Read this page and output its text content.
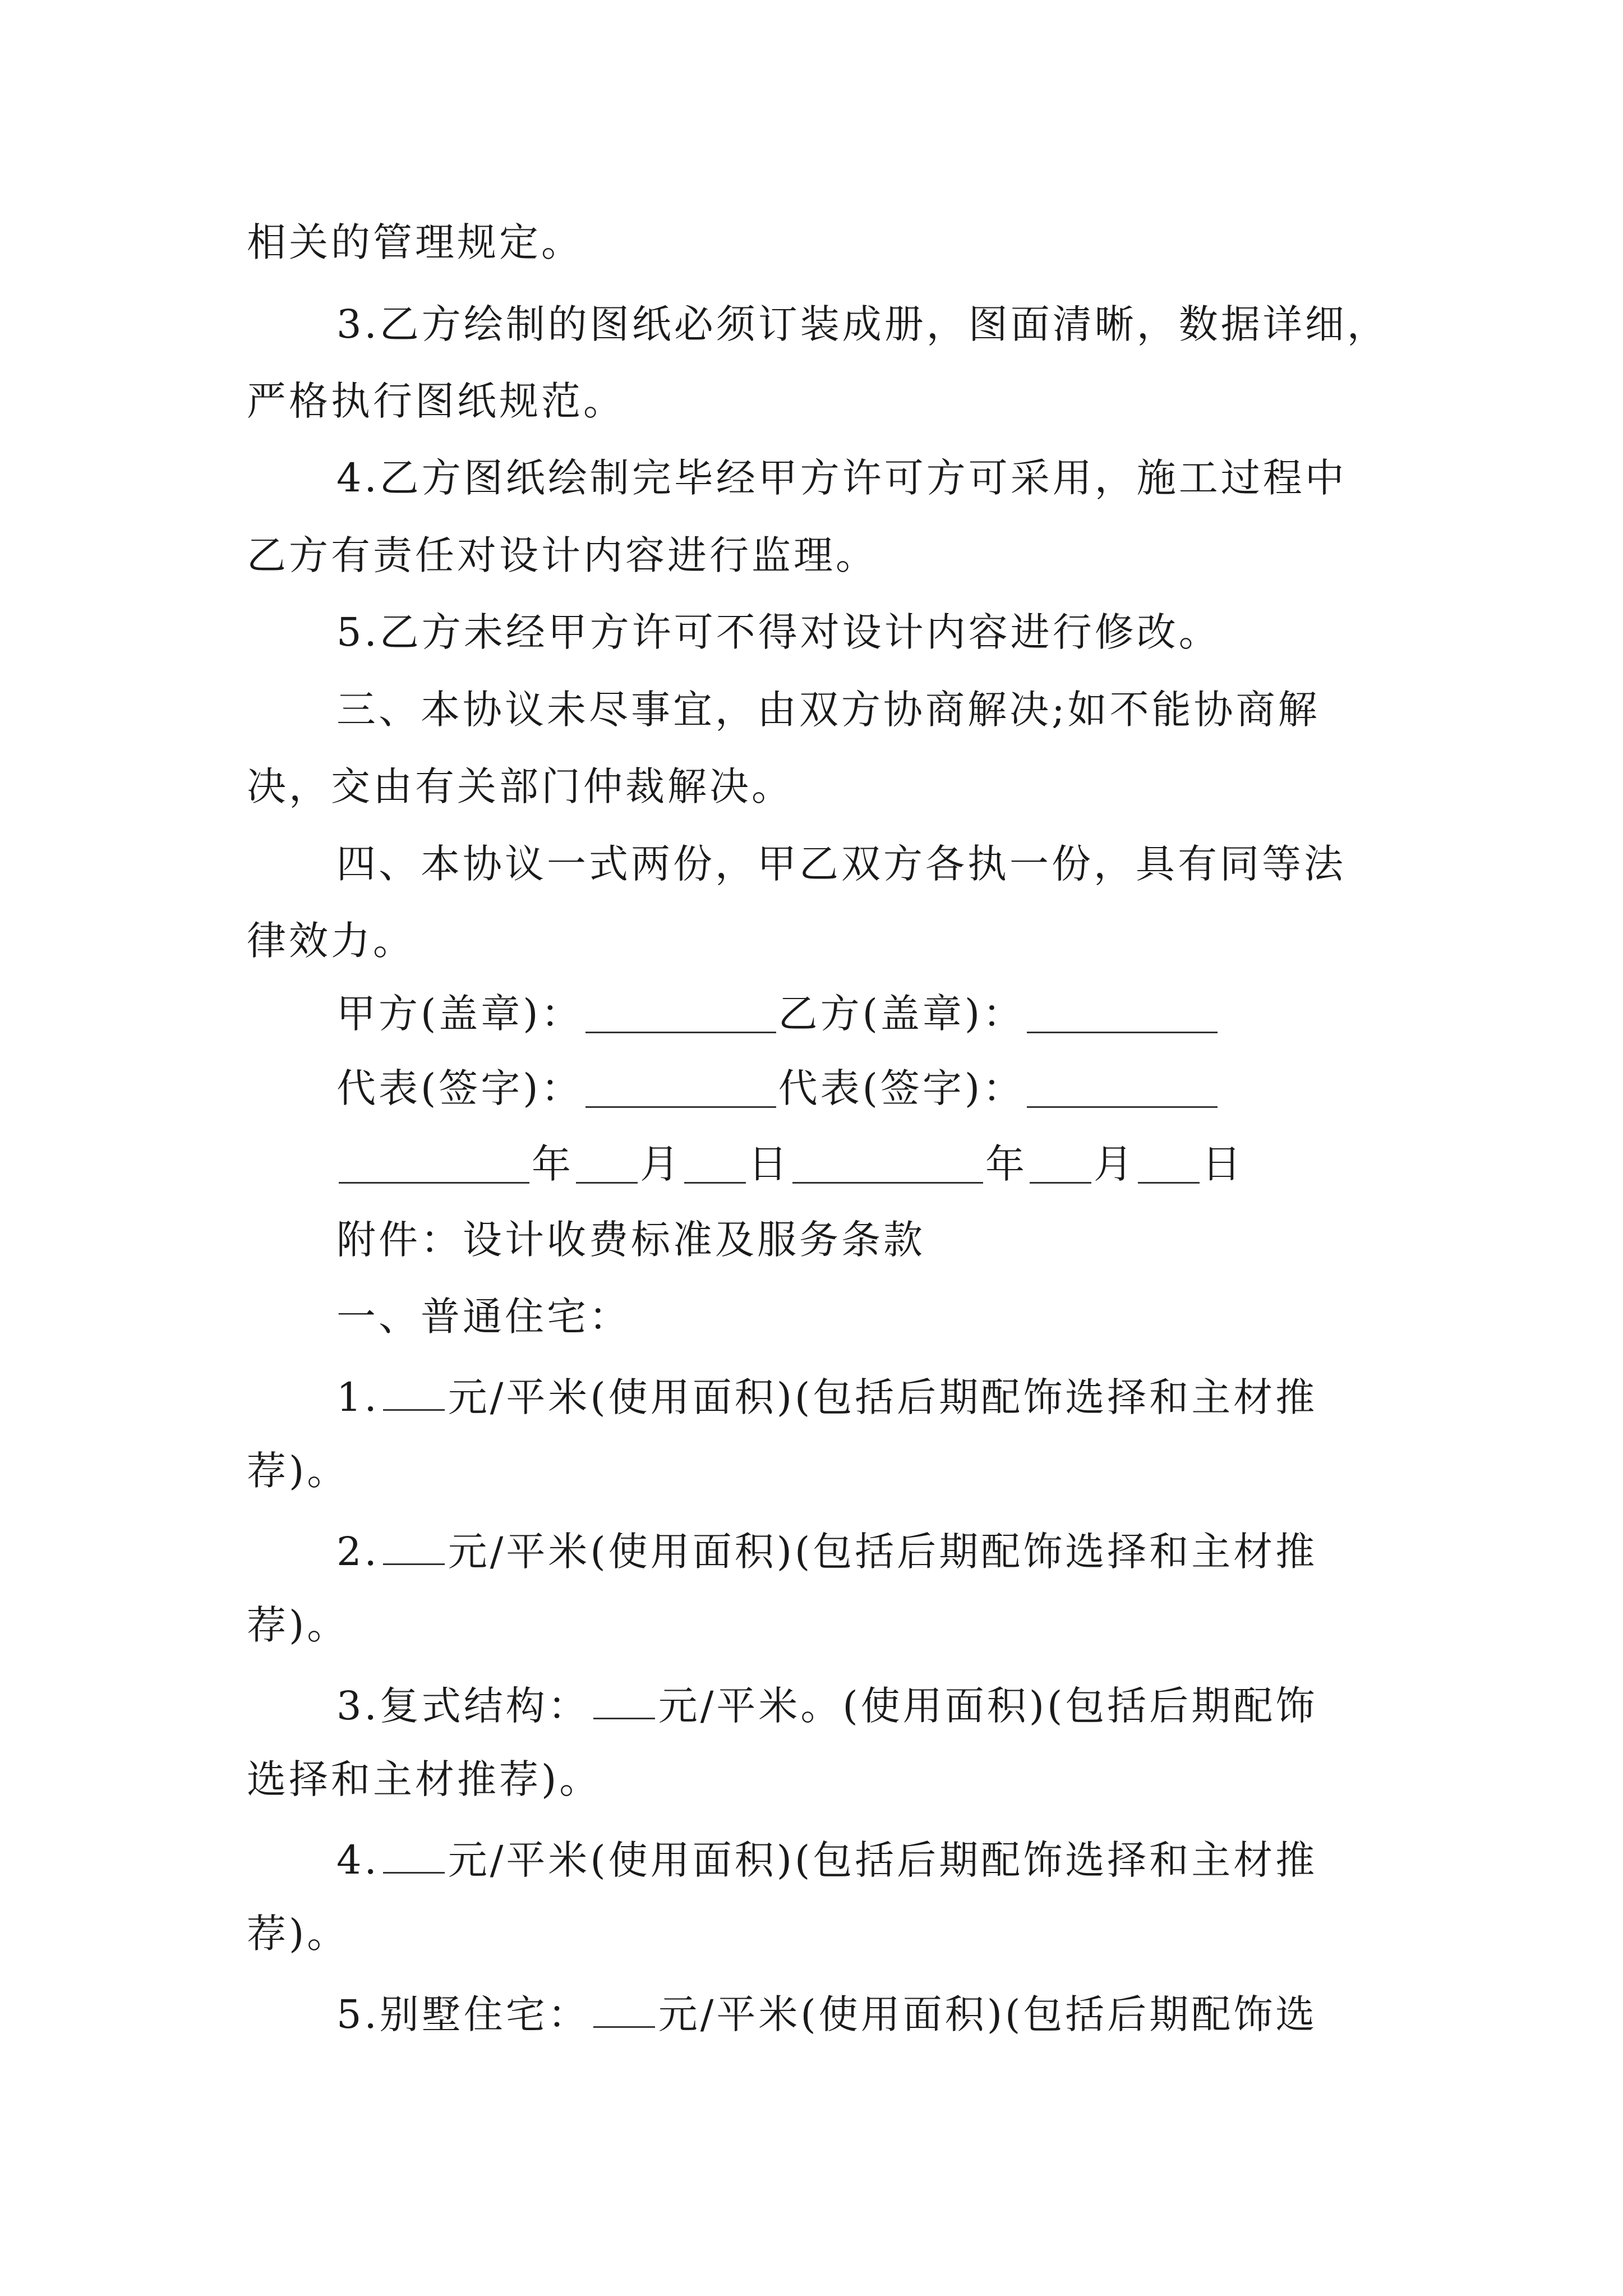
相关的管理规定。
3.乙方绘制的图纸必须订装成册，图面清晰，数据详细，
严格执行图纸规范。
4.乙方图纸绘制完毕经甲方许可方可采用，施工过程中
乙方有责任对设计内容进行监理。
5.乙方未经甲方许可不得对设计内容进行修改。
三、本协议未尽事宜，由双方协商解决;如不能协商解
决，交由有关部门仲裁解决。
四、本协议一式两份，甲乙双方各执一份，具有同等法
律效力。
甲方(盖章)：	乙方(盖章)：
代表(签字)：	代表(签字)：
年 月 日	年 月 日
附件：设计收费标准及服务条款
一、普通住宅：
1. 元/平米(使用面积)(包括后期配饰选择和主材推
荐)。
2. 元/平米(使用面积)(包括后期配饰选择和主材推
荐)。
3.复式结构： 元/平米。(使用面积)(包括后期配饰
选择和主材推荐)。
4. 元/平米(使用面积)(包括后期配饰选择和主材推
荐)。
5.别墅住宅： 元/平米(使用面积)(包括后期配饰选
